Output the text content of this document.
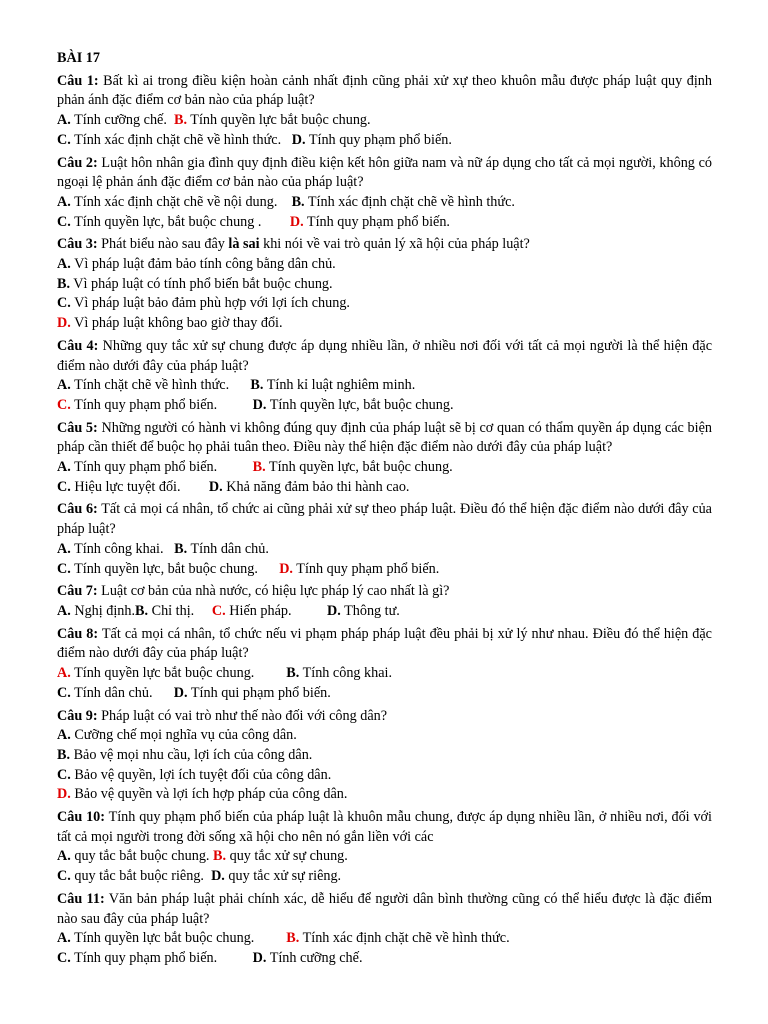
BÀI 17
Câu 1: Bất kì ai trong điều kiện hoàn cảnh nhất định cũng phải xử xự theo khuôn mẫu được pháp luật quy định phản ánh đặc điểm cơ bản nào của pháp luật?
A. Tính cưỡng chế. B. Tính quyền lực bắt buộc chung.
C. Tính xác định chặt chẽ về hình thức. D. Tính quy phạm phổ biến.
Câu 2: Luật hôn nhân gia đình quy định điều kiện kết hôn giữa nam và nữ áp dụng cho tất cả mọi người, không có ngoại lệ phản ánh đặc điểm cơ bản nào của pháp luật?
A. Tính xác định chặt chẽ về nội dung. B. Tính xác định chặt chẽ về hình thức.
C. Tính quyền lực, bắt buộc chung .	D. Tính quy phạm phổ biến.
Câu 3: Phát biểu nào sau đây là sai khi nói về vai trò quản lý xã hội của pháp luật?
A. Vì pháp luật đảm bảo tính công bằng dân chủ.
B. Vì pháp luật có tính phổ biến bắt buộc chung.
C. Vì pháp luật bảo đảm phù hợp với lợi ích chung.
D. Vì pháp luật không bao giờ thay đổi.
Câu 4: Những quy tắc xử sự chung được áp dụng nhiều lần, ở nhiều nơi đối với tất cả mọi người là thể hiện đặc điểm nào dưới đây của pháp luật?
A. Tính chặt chẽ về hình thức.	B. Tính kỉ luật nghiêm minh.
C. Tính quy phạm phổ biến.	D. Tính quyền lực, bắt buộc chung.
Câu 5: Những người có hành vi không đúng quy định của pháp luật sẽ bị cơ quan có thẩm quyền áp dụng các biện pháp cần thiết để buộc họ phải tuân theo. Điều này thể hiện đặc điểm nào dưới đây của pháp luật?
A. Tính quy phạm phổ biến.	B. Tính quyền lực, bắt buộc chung.
C. Hiệu lực tuyệt đối.	D. Khả năng đảm bảo thi hành cao.
Câu 6: Tất cả mọi cá nhân, tổ chức ai cũng phải xử sự theo pháp luật. Điều đó thể hiện đặc điểm nào dưới đây của pháp luật?
A. Tính công khai. B. Tính dân chủ.
C. Tính quyền lực, bắt buộc chung.	D. Tính quy phạm phổ biến.
Câu 7: Luật cơ bản của nhà nước, có hiệu lực pháp lý cao nhất là gì?
A. Nghị định. B. Chỉ thị.	C. Hiến pháp.	D. Thông tư.
Câu 8: Tất cả mọi cá nhân, tổ chức nếu vi phạm pháp pháp luật đều phải bị xử lý như nhau. Điều đó thể hiện đặc điểm nào dưới đây của pháp luật?
A. Tính quyền lực bắt buộc chung.	B. Tính công khai.
C. Tính dân chủ.	D. Tính qui phạm phổ biến.
Câu 9: Pháp luật có vai trò như thế nào đối với công dân?
A. Cưỡng chế mọi nghĩa vụ của công dân.
B. Bảo vệ mọi nhu cầu, lợi ích của công dân.
C. Bảo vệ quyền, lợi ích tuyệt đối của công dân.
D. Bảo vệ quyền và lợi ích hợp pháp của công dân.
Câu 10: Tính quy phạm phổ biến của pháp luật là khuôn mẫu chung, được áp dụng nhiều lần, ở nhiều nơi, đối với tất cả mọi người trong đời sống xã hội cho nên nó gắn liền với các
A. quy tắc bắt buộc chung. B. quy tắc xử sự chung.
C. quy tắc bắt buộc riêng. D. quy tắc xử sự riêng.
Câu 11: Văn bản pháp luật phải chính xác, dễ hiểu để người dân bình thường cũng có thể hiểu được là đặc điểm nào sau đây của pháp luật?
A. Tính quyền lực bắt buộc chung.	B. Tính xác định chặt chẽ về hình thức.
C. Tính quy phạm phổ biến.	D. Tính cưỡng chế.
